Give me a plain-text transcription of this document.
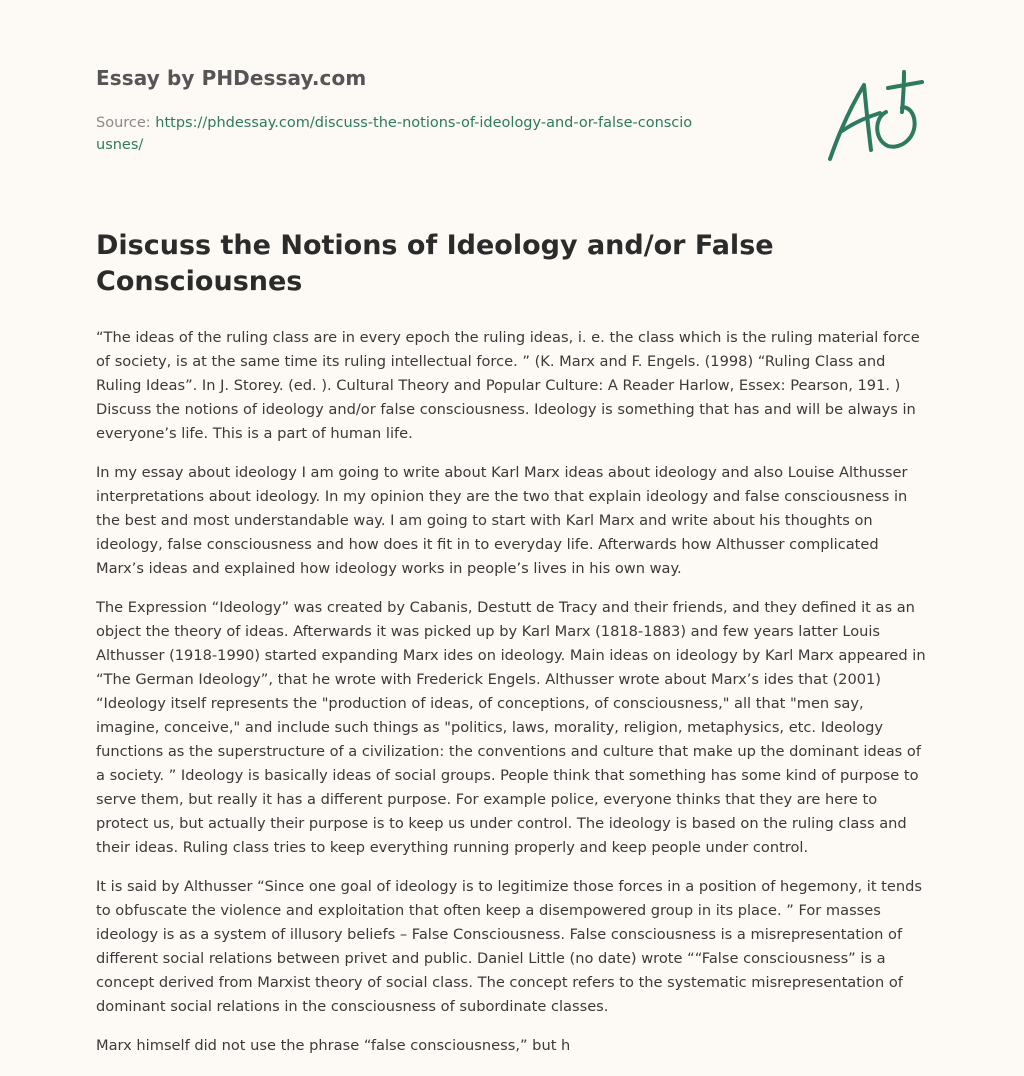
Essay by PHDessay.com
Source: https://phdessay.com/discuss-the-notions-of-ideology-and-or-false-consciousnes/
Discuss the Notions of Ideology and/or False Consciousnes

“The ideas of the ruling class are in every epoch the ruling ideas, i. e. the class which is the ruling material force of society, is at the same time its ruling intellectual force. ” (K. Marx and F. Engels. (1998) “Ruling Class and Ruling Ideas”. In J. Storey. (ed. ). Cultural Theory and Popular Culture: A Reader Harlow, Essex: Pearson, 191. ) Discuss the notions of ideology and/or false consciousness. Ideology is something that has and will be always in everyone’s life. This is a part of human life.

In my essay about ideology I am going to write about Karl Marx ideas about ideology and also Louise Althusser interpretations about ideology. In my opinion they are the two that explain ideology and false consciousness in the best and most understandable way. I am going to start with Karl Marx and write about his thoughts on ideology, false consciousness and how does it fit in to everyday life. Afterwards how Althusser complicated Marx’s ideas and explained how ideology works in people’s lives in his own way.

The Expression “Ideology” was created by Cabanis, Destutt de Tracy and their friends, and they defined it as an object the theory of ideas. Afterwards it was picked up by Karl Marx (1818-1883) and few years latter Louis Althusser (1918-1990) started expanding Marx ides on ideology. Main ideas on ideology by Karl Marx appeared in “The German Ideology”, that he wrote with Frederick Engels. Althusser wrote about Marx’s ides that (2001) “Ideology itself represents the "production of ideas, of conceptions, of consciousness," all that "men say, imagine, conceive," and include such things as "politics, laws, morality, religion, metaphysics, etc. Ideology functions as the superstructure of a civilization: the conventions and culture that make up the dominant ideas of a society. ” Ideology is basically ideas of social groups. People think that something has some kind of purpose to serve them, but really it has a different purpose. For example police, everyone thinks that they are here to protect us, but actually their purpose is to keep us under control. The ideology is based on the ruling class and their ideas. Ruling class tries to keep everything running properly and keep people under control.

It is said by Althusser “Since one goal of ideology is to legitimize those forces in a position of hegemony, it tends to obfuscate the violence and exploitation that often keep a disempowered group in its place. ” For masses ideology is as a system of illusory beliefs – False Consciousness. False consciousness is a misrepresentation of different social relations between privet and public. Daniel Little (no date) wrote ““False consciousness” is a concept derived from Marxist theory of social class. The concept refers to the systematic misrepresentation of dominant social relations in the consciousness of subordinate classes.

Marx himself did not use the phrase “false consciousness,” but h
